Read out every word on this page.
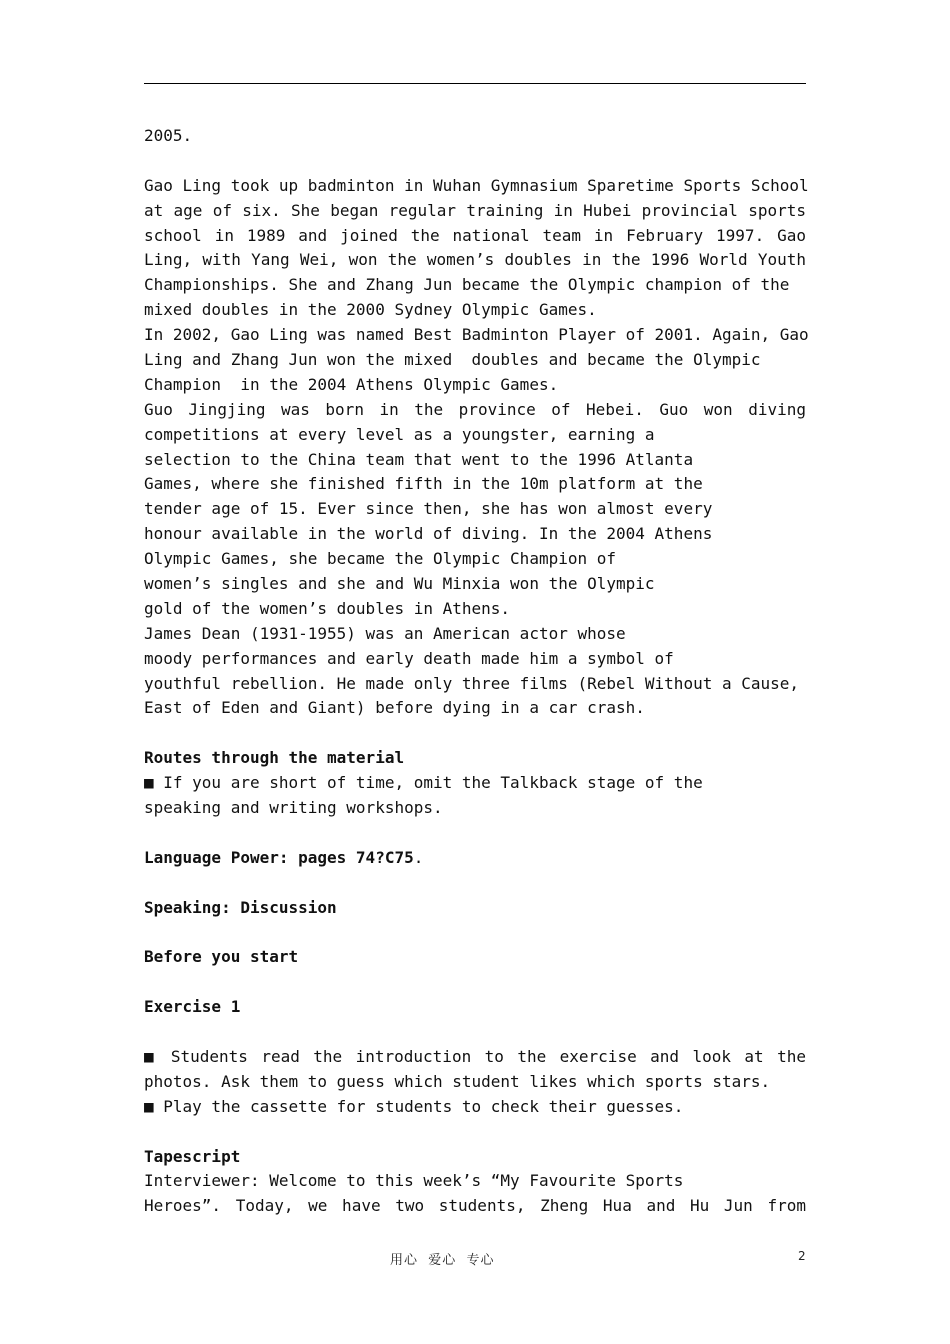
2005.
Gao Ling took up badminton in Wuhan Gymnasium Sparetime Sports School
at age of six. She began regular training in Hubei provincial sports
school in 1989 and joined the national team in February 1997. Gao
Ling, with Yang Wei, won the women’s doubles in the 1996 World Youth
Championships. She and Zhang Jun became the Olympic champion of the
mixed doubles in the 2000 Sydney Olympic Games.
In 2002, Gao Ling was named Best Badminton Player of 2001. Again, Gao
Ling and Zhang Jun won the mixed  doubles and became the Olympic
Champion  in the 2004 Athens Olympic Games.
Guo Jingjing was born in the province of Hebei. Guo won diving
competitions at every level as a youngster, earning a
selection to the China team that went to the 1996 Atlanta
Games, where she finished fifth in the 10m platform at the
tender age of 15. Ever since then, she has won almost every
honour available in the world of diving. In the 2004 Athens
Olympic Games, she became the Olympic Champion of
women’s singles and she and Wu Minxia won the Olympic
gold of the women’s doubles in Athens.
James Dean (1931-1955) was an American actor whose
moody performances and early death made him a symbol of
youthful rebellion. He made only three films (Rebel Without a Cause,
East of Eden and Giant) before dying in a car crash.
Routes through the material
■ If you are short of time, omit the Talkback stage of the
speaking and writing workshops.
Language Power: pages 74?C75.
Speaking: Discussion
Before you start
Exercise 1
■ Students read the introduction to the exercise and look at the
photos. Ask them to guess which student likes which sports stars.
■ Play the cassette for students to check their guesses.
Tapescript
Interviewer: Welcome to this week’s “My Favourite Sports
Heroes”. Today, we have two students, Zheng Hua and Hu Jun from
用心  爱心  专心	2
